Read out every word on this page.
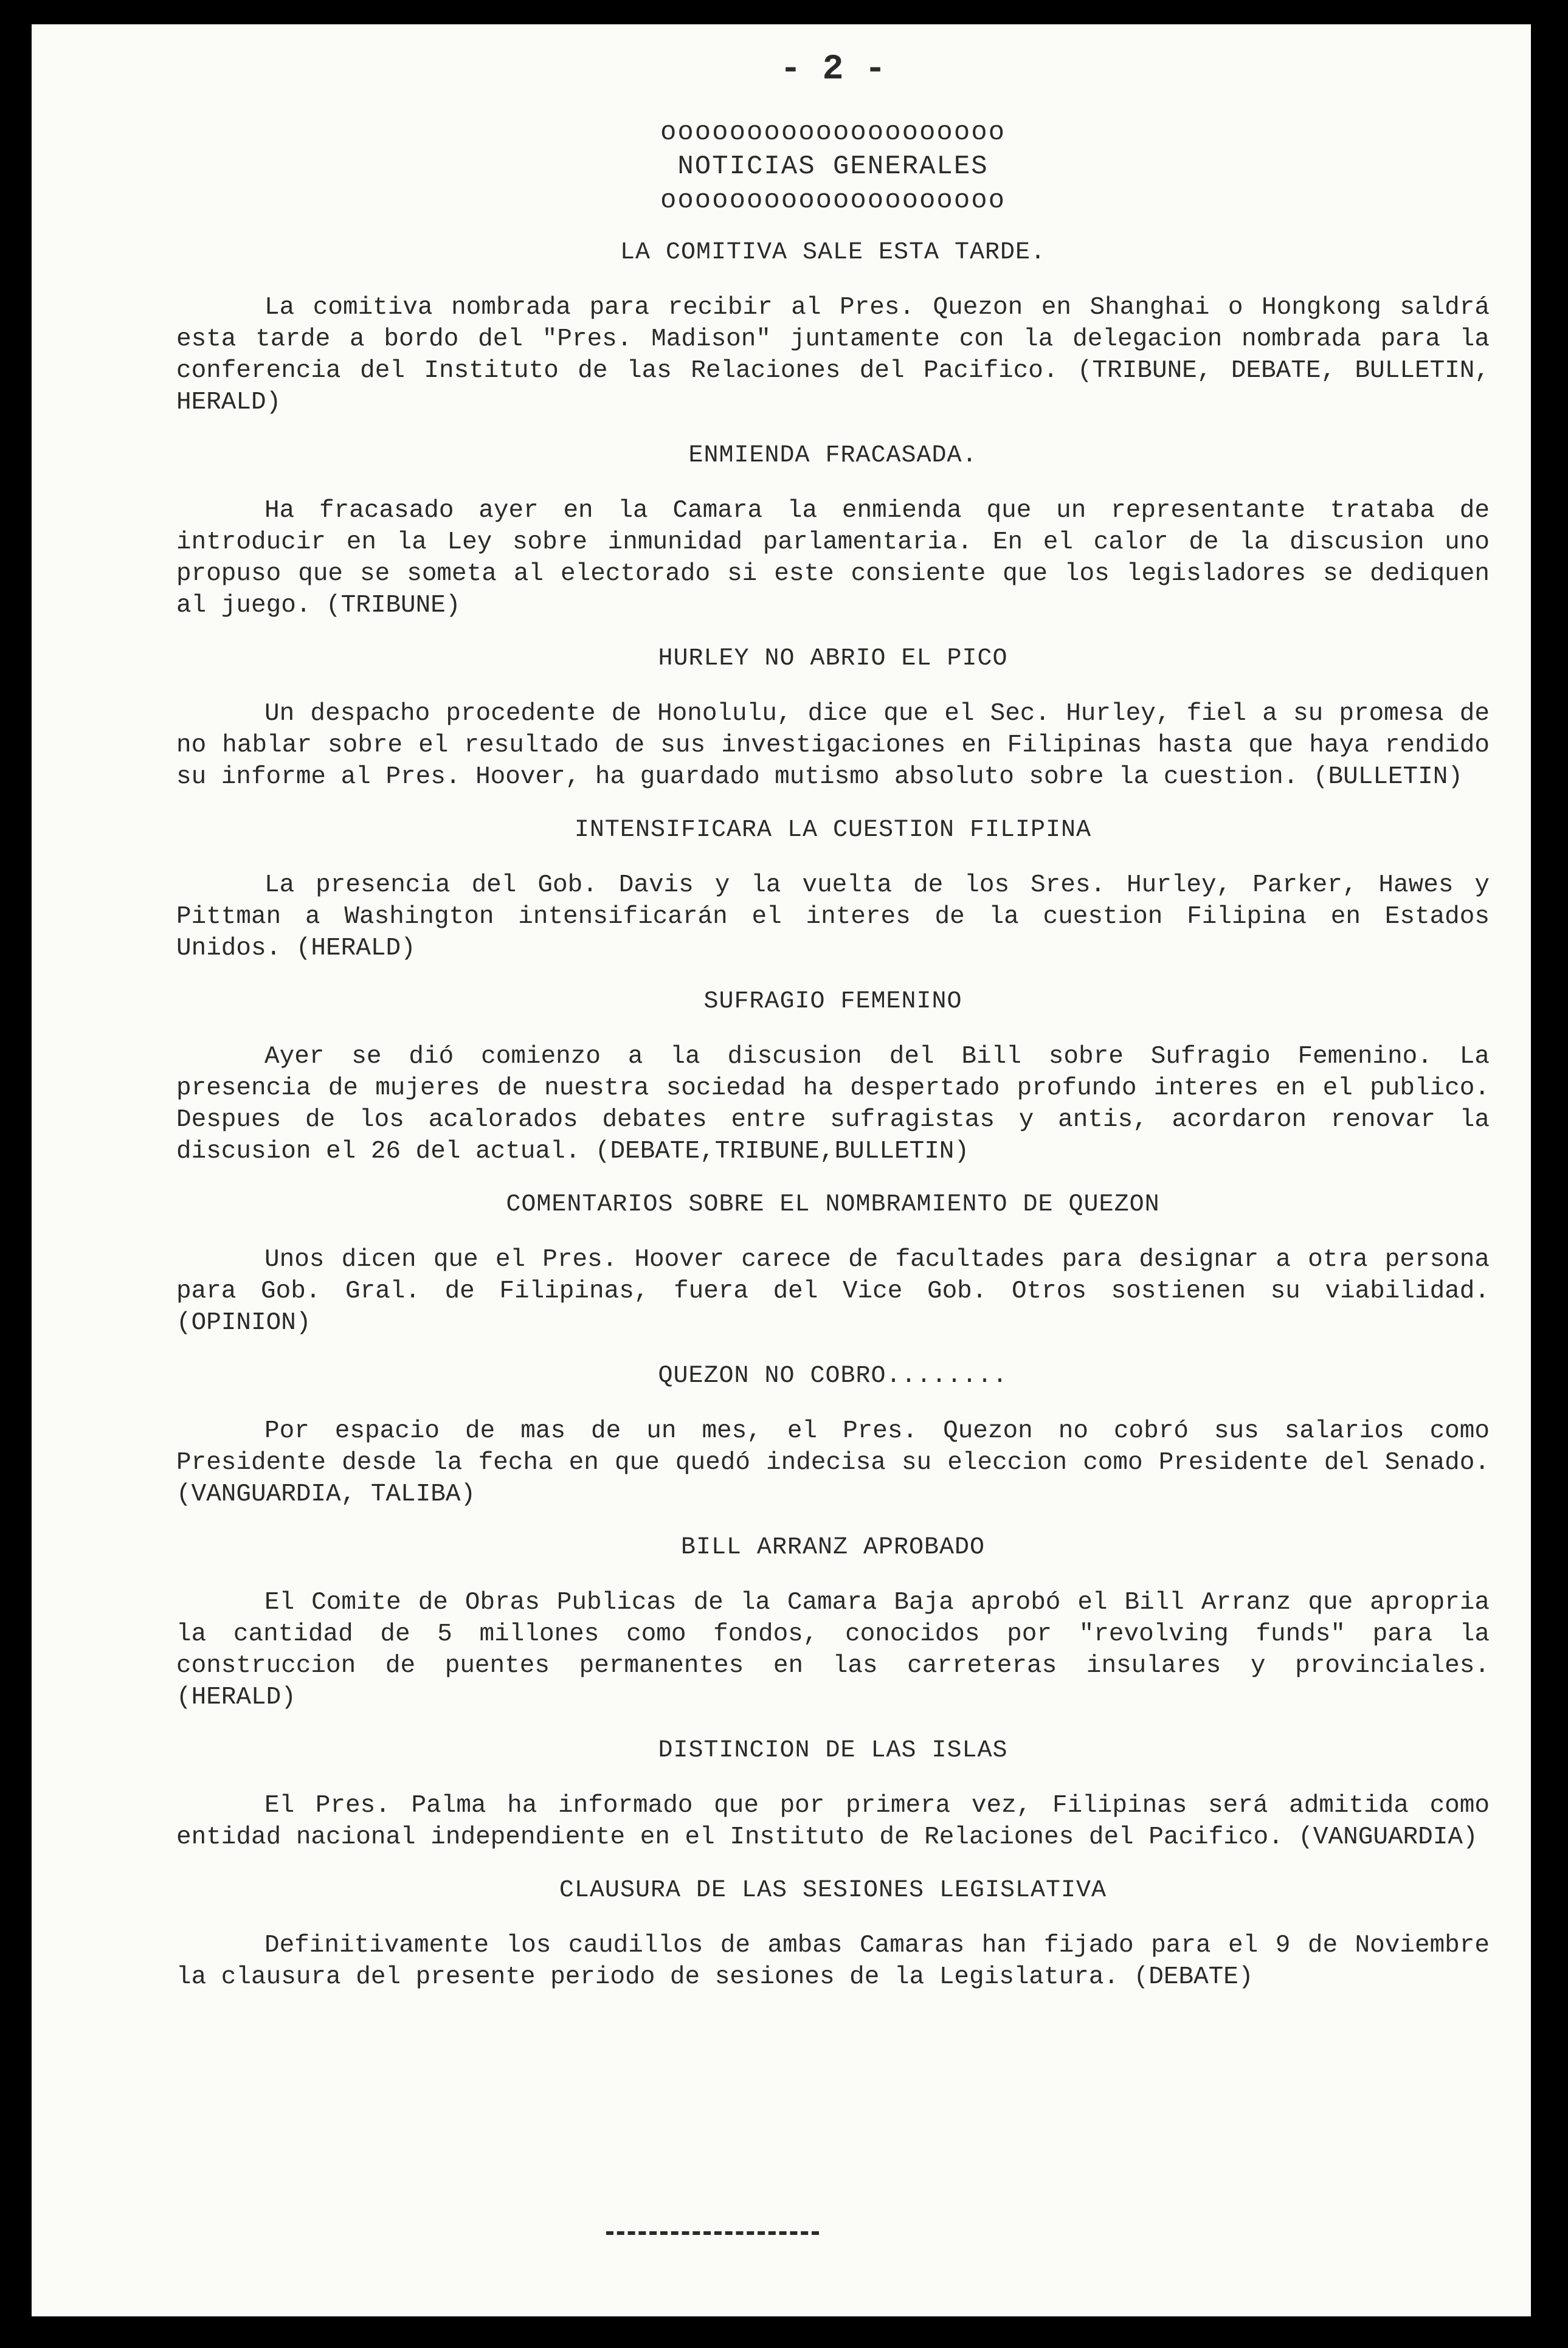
- 2 -
oooooooooooooooooooo
NOTICIAS GENERALES
oooooooooooooooooooo
LA COMITIVA SALE ESTA TARDE.

La comitiva nombrada para recibir al Pres. Quezon en Shanghai o Hongkong saldrá esta tarde a bordo del "Pres. Madison" juntamente con la delegacion nombrada para la conferencia del Instituto de las Relaciones del Pacifico. (TRIBUNE, DEBATE, BULLETIN, HERALD)

ENMIENDA FRACASADA.

Ha fracasado ayer en la Camara la enmienda que un representante trataba de introducir en la Ley sobre inmunidad parlamentaria. En el calor de la discusion uno propuso que se someta al electorado si este consiente que los legisladores se dediquen al juego. (TRIBUNE)

HURLEY NO ABRIO EL PICO

Un despacho procedente de Honolulu, dice que el Sec. Hurley, fiel a su promesa de no hablar sobre el resultado de sus investigaciones en Filipinas hasta que haya rendido su informe al Pres. Hoover, ha guardado mutismo absoluto sobre la cuestion. (BULLETIN)

INTENSIFICARA LA CUESTION FILIPINA

La presencia del Gob. Davis y la vuelta de los Sres. Hurley, Parker, Hawes y Pittman a Washington intensificarán el interes de la cuestion Filipina en Estados Unidos. (HERALD)

SUFRAGIO FEMENINO

Ayer se dió comienzo a la discusion del Bill sobre Sufragio Femenino. La presencia de mujeres de nuestra sociedad ha despertado profundo interes en el publico. Despues de los acalorados debates entre sufragistas y antis, acordaron renovar la discusion el 26 del actual. (DEBATE,TRIBUNE,BULLETIN)

COMENTARIOS SOBRE EL NOMBRAMIENTO DE QUEZON

Unos dicen que el Pres. Hoover carece de facultades para designar a otra persona para Gob. Gral. de Filipinas, fuera del Vice Gob. Otros sostienen su viabilidad. (OPINION)

QUEZON NO COBRO........

Por espacio de mas de un mes, el Pres. Quezon no cobró sus salarios como Presidente desde la fecha en que quedó indecisa su eleccion como Presidente del Senado. (VANGUARDIA, TALIBA)

BILL ARRANZ APROBADO

El Comite de Obras Publicas de la Camara Baja aprobó el Bill Arranz que apropria la cantidad de 5 millones como fondos, conocidos por "revolving funds" para la construccion de puentes permanentes en las carreteras insulares y provinciales. (HERALD)

DISTINCION DE LAS ISLAS

El Pres. Palma ha informado que por primera vez, Filipinas será admitida como entidad nacional independiente en el Instituto de Relaciones del Pacifico. (VANGUARDIA)

CLAUSURA DE LAS SESIONES LEGISLATIVA

Definitivamente los caudillos de ambas Camaras han fijado para el 9 de Noviembre la clausura del presente periodo de sesiones de la Legislatura. (DEBATE)
